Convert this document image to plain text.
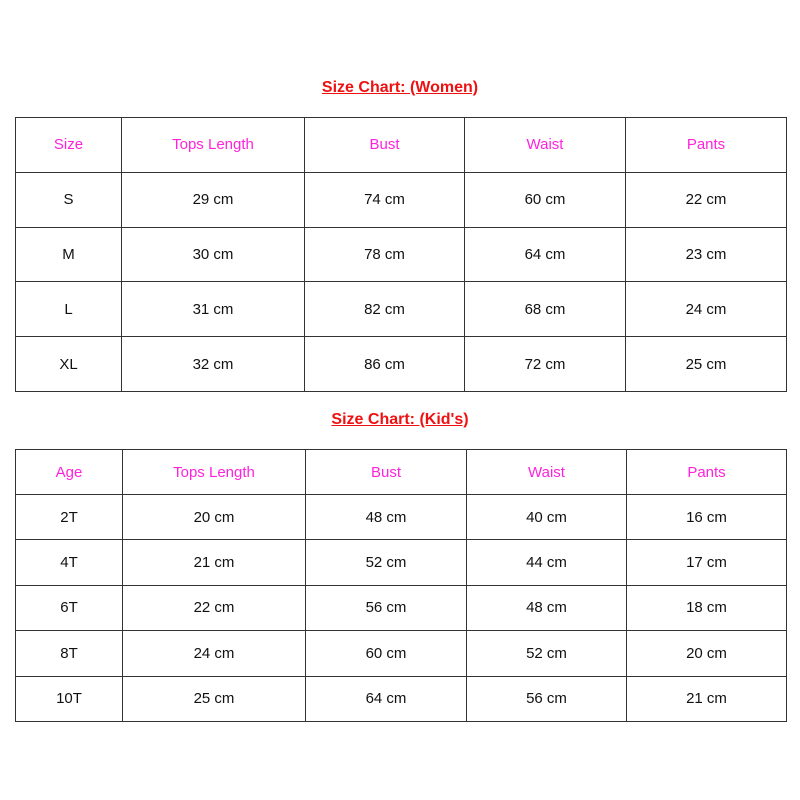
Size Chart: (Women)
Size	Tops Length	Bust	Waist	Pants
S	29 cm	74 cm	60 cm	22 cm
M	30 cm	78 cm	64 cm	23 cm
L	31 cm	82 cm	68 cm	24 cm
XL	32 cm	86 cm	72 cm	25 cm
Size Chart: (Kid's)
Age	Tops Length	Bust	Waist	Pants
2T	20 cm	48 cm	40 cm	16 cm
4T	21 cm	52 cm	44 cm	17 cm
6T	22 cm	56 cm	48 cm	18 cm
8T	24 cm	60 cm	52 cm	20 cm
10T	25 cm	64 cm	56 cm	21 cm
